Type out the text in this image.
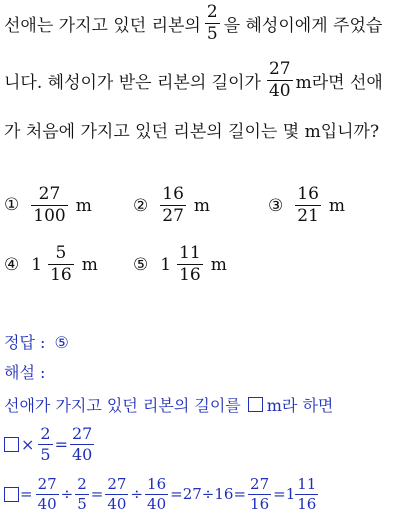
선애는 가지고 있던 리본의 $\frac{2}{5}$ 을 혜성이에게 주었습
니다. 혜성이가 받은 리본의 길이가 $\frac{27}{40}$ m라면 선애
가 처음에 가지고 있던 리본의 길이는 몇 m입니까?
① $\frac{27}{100}$ m ② $\frac{16}{27}$ m	③ $\frac{16}{21}$ m
④ $1 \frac{5}{16}$ m ⑤ $1 \frac{11}{16}$ m
정답 : ⑤
해설 :
선애가 가지고 있던 리본의 길이를 m라 하면
× $\frac{2}{5} = \frac{27}{40}$
= $\frac{27}{40} \div \frac{2}{5} = \frac{27}{40} \div \frac{16}{40} = 27\div 16 = \frac{27}{16} = 1 \frac{11}{16}$
